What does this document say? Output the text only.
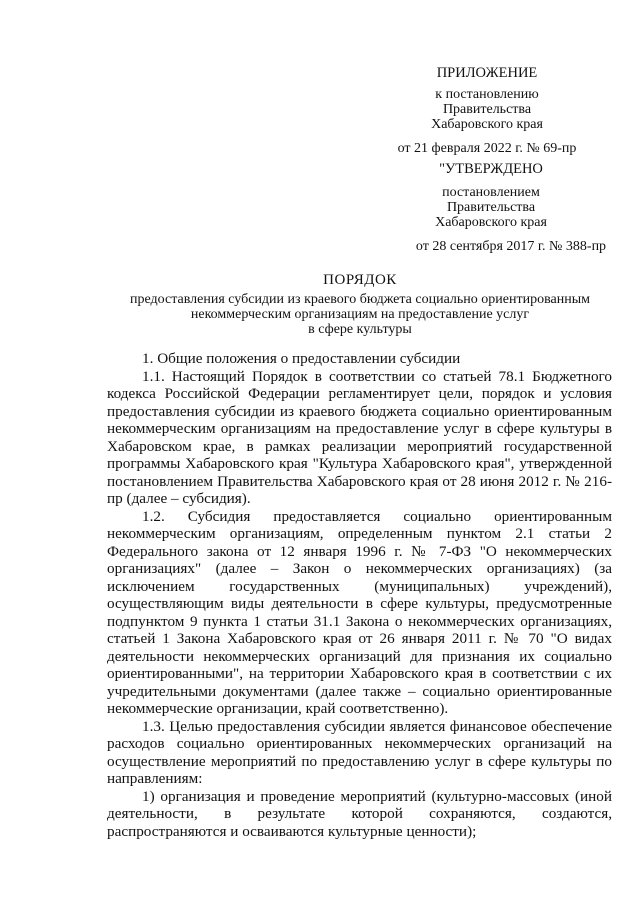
ПРИЛОЖЕНИЕ
к постановлению
Правительства
Хабаровского края
от 21 февраля 2022 г. № 69-пр
"УТВЕРЖДЕНО
постановлением
Правительства
Хабаровского края
от 28 сентября 2017 г. № 388-пр
ПОРЯДОК
предоставления субсидии из краевого бюджета социально ориентированным
некоммерческим организациям на предоставление услуг
в сфере культуры

1. Общие положения о предоставлении субсидии

1.1. Настоящий Порядок в соответствии со статьей 78.1 Бюджетного кодекса Российской Федерации регламентирует цели, порядок и условия предоставления субсидии из краевого бюджета социально ориентированным некоммерческим организациям на предоставление услуг в сфере культуры в Хабаровском крае, в рамках реализации мероприятий государственной программы Хабаровского края "Культура Хабаровского края", утвержденной постановлением Правительства Хабаровского края от 28 июня 2012 г. № 216-пр (далее – субсидия).

1.2. Субсидия предоставляется социально ориентированным некоммерческим организациям, определенным пунктом 2.1 статьи 2 Федерального закона от 12 января 1996 г. № 7-ФЗ "О некоммерческих организациях" (далее – Закон о некоммерческих организациях) (за исключением государственных (муниципальных) учреждений), осуществляющим виды деятельности в сфере культуры, предусмотренные подпунктом 9 пункта 1 статьи 31.1 Закона о некоммерческих организациях, статьей 1 Закона Хабаровского края от 26 января 2011 г. № 70 "О видах деятельности некоммерческих организаций для признания их социально ориентированными", на территории Хабаровского края в соответствии с их учредительными документами (далее также – социально ориентированные некоммерческие организации, край соответственно).

1.3. Целью предоставления субсидии является финансовое обеспечение расходов социально ориентированных некоммерческих организаций на осуществление мероприятий по предоставлению услуг в сфере культуры по направлениям:

1) организация и проведение мероприятий (культурно-массовых (иной деятельности, в результате которой сохраняются, создаются, распространяются и осваиваются культурные ценности);
